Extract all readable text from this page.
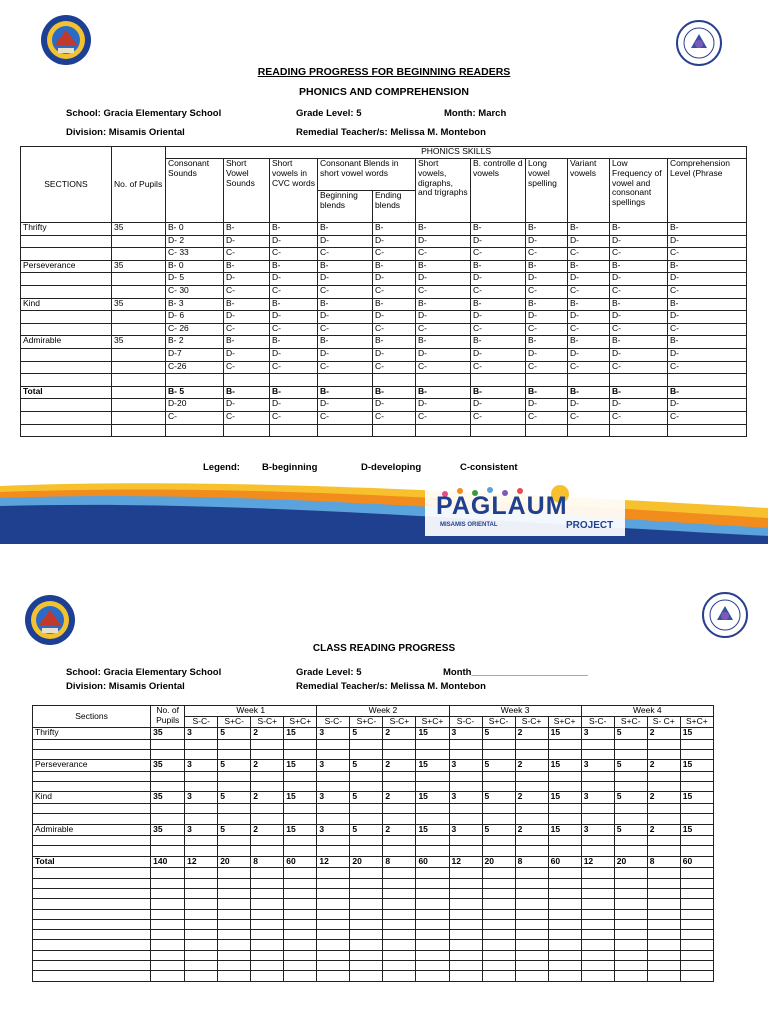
READING PROGRESS FOR BEGINNING READERS
PHONICS AND COMPREHENSION
School: Gracia Elementary School	Grade Level: 5	Month: March
Division: Misamis Oriental	Remedial Teacher/s: Melissa M. Montebon
SECTIONS	No. of Pupils	PHONICS SKILLS										
		Consonant Sounds	Short Vowel Sounds	Short vowels in CVC words	Consonant Blends in short vowel words		Short vowels, digraphs, and trigraphs	B. controlle d vowels	Long vowel spelling	Variant vowels	Low Frequency of vowel and consonant spellings	Comprehension Level (Phrase
					Beginning blends	Ending blends						
Thrifty	35	B- 0	B-	B-	B-	B-	B-	B-	B-	B-	B-	B-
		D- 2	D-	D-	D-	D-	D-	D-	D-	D-	D-	D-
		C- 33	C-	C-	C-	C-	C-	C-	C-	C-	C-	C-
Perseverance	35	B- 0	B-	B-	B-	B-	B-	B-	B-	B-	B-	B-
		D- 5	D-	D-	D-	D-	D-	D-	D-	D-	D-	D-
		C- 30	C-	C-	C-	C-	C-	C-	C-	C-	C-	C-
Kind	35	B- 3	B-	B-	B-	B-	B-	B-	B-	B-	B-	B-
		D- 6	D-	D-	D-	D-	D-	D-	D-	D-	D-	D-
		C- 26	C-	C-	C-	C-	C-	C-	C-	C-	C-	C-
Admirable	35	B- 2	B-	B-	B-	B-	B-	B-	B-	B-	B-	B-
		D-7	D-	D-	D-	D-	D-	D-	D-	D-	D-	D-
		C-26	C-	C-	C-	C-	C-	C-	C-	C-	C-	C-

Total		B- 5	B-	B-	B-	B-	B-	B-	B-	B-	B-	B-
		D-20	D-	D-	D-	D-	D-	D-	D-	D-	D-	D-
		C-	C-	C-	C-	C-	C-	C-	C-	C-	C-	C-

Legend: B-beginning	D-developing	C-consistent
PAGLAUM
MISAMIS ORIENTAL	PROJECT
CLASS READING PROGRESS
School: Gracia Elementary School	Grade Level: 5	Month______________________
Division: Misamis Oriental	Remedial Teacher/s: Melissa M. Montebon
Sections	No. of Pupils	Week 1				Week 2				Week 3				Week 4			
		S-C-	S+C-	S-C+	S+C+	S-C-	S+C-	S-C+	S+C+	S-C-	S+C-	S-C+	S+C+	S-C-	S+C-	S- C+	S+C+
Thrifty	35	3	5	2	15	3	5	2	15	3	5	2	15	3	5	2	15

Perseverance	35	3	5	2	15	3	5	2	15	3	5	2	15	3	5	2	15

Kind	35	3	5	2	15	3	5	2	15	3	5	2	15	3	5	2	15

Admirable	35	3	5	2	15	3	5	2	15	3	5	2	15	3	5	2	15

Total	140	12	20	8	60	12	20	8	60	12	20	8	60	12	20	8	60
